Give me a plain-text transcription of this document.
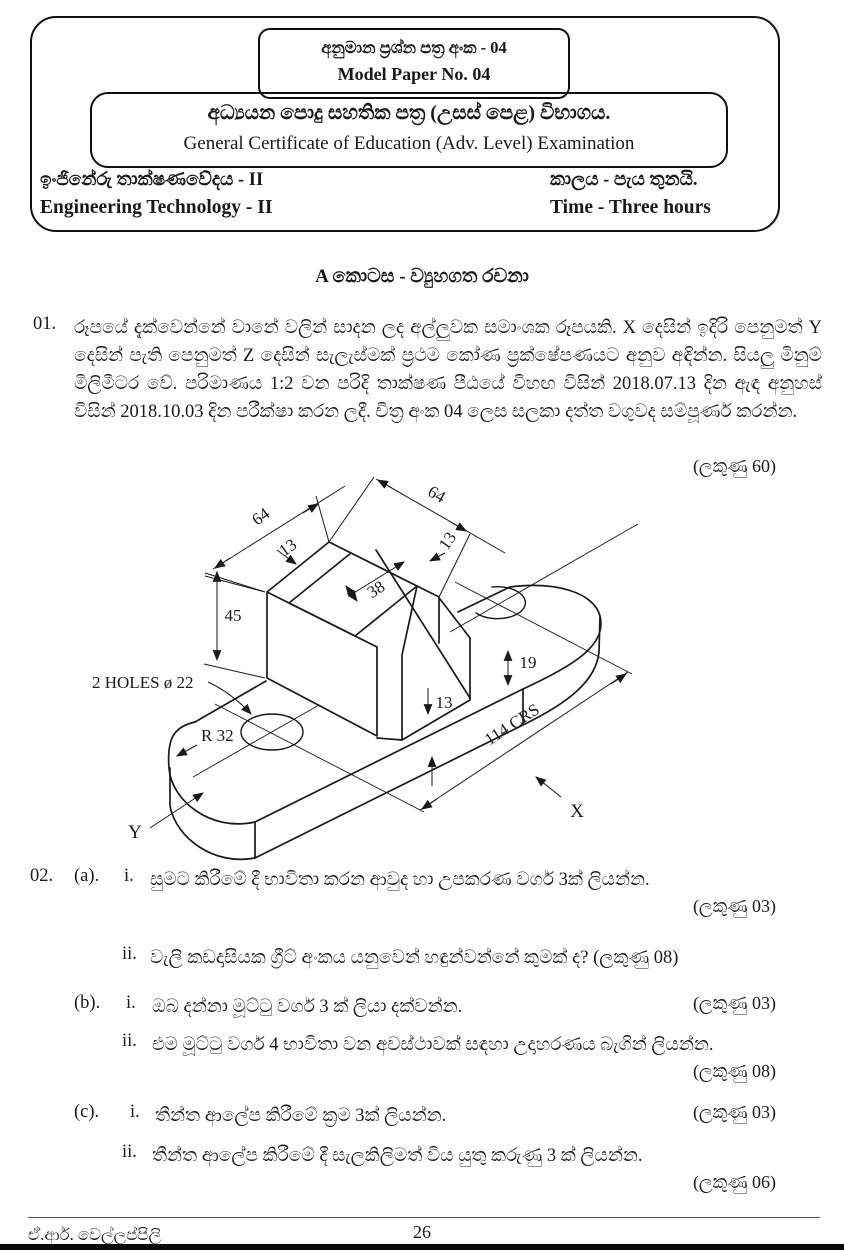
අනුමාන ප්‍රශ්න පත්‍ර අංක - 04
Model Paper No. 04
අධ්‍යයන පොදු සහතික පත්‍ර (උසස් පෙළ) විභාගය.
General Certificate of Education (Adv. Level) Examination
ඉංජිනේරු තාක්ෂණවේදය - II
Engineering Technology - II
කාලය - පැය තුනයි.
Time - Three hours
A කොටස - ව්‍යුහගත රචනා
01. රූපයේ දැක්වෙන්නේ වානේ වලින් සාදන ලද අල්ලුවක සමාංශක රූපයකි. X දෙසින් ඉදිරි පෙනුමත් Y දෙසින් පැති පෙනුමත් Z දෙසින් සැලැස්මක් ප්‍රථම කෝණ ප්‍රක්ෂේපණයට අනුව අඳින්න. සියලු මිනුම් මිලිමීටර වේ. පරිමාණය 1:2 වන පරිදි තාක්ෂණ පීඨයේ විහඟ විසින් 2018.07.13 දින ඇඳ අනුහස් විසින් 2018.10.03 දින පරීක්ෂා කරන ලදී. චිත්‍ර අංක 04 ලෙස සලකා දත්ත වගුවද සම්පූර්ණ කරන්න.
(ලකුණු 60)
64
64
13	13
38
45
19
13 114 CRS
2 HOLES ø 22
R 32
Y
X
02. (a). i. සුමට කිරීමේ දී භාවිතා කරන ආවුද හා උපකරණ වර්ග 3ක් ලියන්න.
(ලකුණු 03)
ii. වැලි කඩදාසියක ග්‍රීට් අංකය යනුවෙන් හඳුන්වන්නේ කුමක් ද? (ලකුණු 08)
(b). i. ඔබ දන්නා මූට්ටු වර්ග 3 ක් ලියා දක්වන්න.	(ලකුණු 03)
ii. එම මූට්ටු වර්ග 4 භාවිතා වන අවස්ථාවක් සඳහා උදාහරණය බැගින් ලියන්න.
(ලකුණු 08)
(c). i. තීන්ත ආලේප කිරීමේ ක්‍රම 3ක් ලියන්න.	(ලකුණු 03)
ii. තීන්ත ආලේප කිරීමේ දී සැලකිලිමත් විය යුතු කරුණු 3 ක් ලියන්න.
(ලකුණු 06)
ඒ.ආර්. වෙල්ලප්පිලි	26
